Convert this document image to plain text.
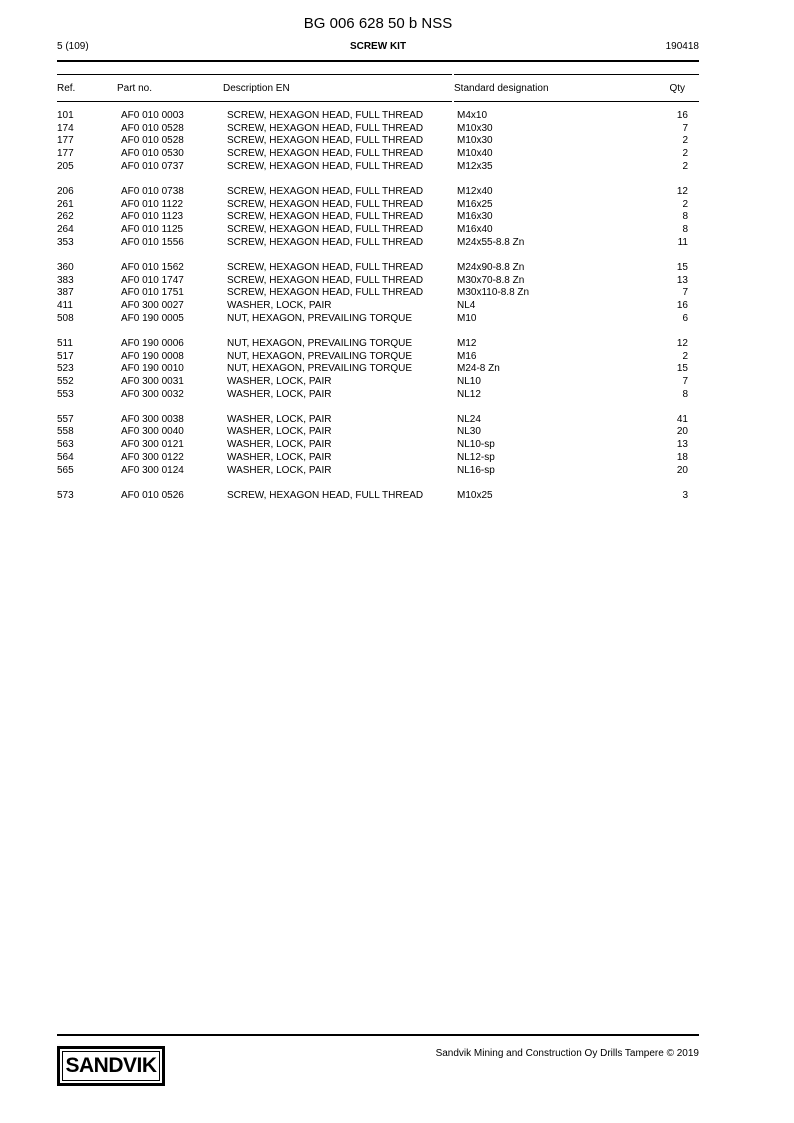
BG 006 628 50 b NSS
5 (109)	SCREW KIT	190418
Ref.	Part no.	Description EN	Standard designation	Qty
101	AF0 010 0003	SCREW, HEXAGON HEAD, FULL THREAD	M4x10	16
174	AF0 010 0528	SCREW, HEXAGON HEAD, FULL THREAD	M10x30	7
177	AF0 010 0528	SCREW, HEXAGON HEAD, FULL THREAD	M10x30	2
177	AF0 010 0530	SCREW, HEXAGON HEAD, FULL THREAD	M10x40	2
205	AF0 010 0737	SCREW, HEXAGON HEAD, FULL THREAD	M12x35	2
206	AF0 010 0738	SCREW, HEXAGON HEAD, FULL THREAD	M12x40	12
261	AF0 010 1122	SCREW, HEXAGON HEAD, FULL THREAD	M16x25	2
262	AF0 010 1123	SCREW, HEXAGON HEAD, FULL THREAD	M16x30	8
264	AF0 010 1125	SCREW, HEXAGON HEAD, FULL THREAD	M16x40	8
353	AF0 010 1556	SCREW, HEXAGON HEAD, FULL THREAD	M24x55-8.8 Zn	11
360	AF0 010 1562	SCREW, HEXAGON HEAD, FULL THREAD	M24x90-8.8 Zn	15
383	AF0 010 1747	SCREW, HEXAGON HEAD, FULL THREAD	M30x70-8.8 Zn	13
387	AF0 010 1751	SCREW, HEXAGON HEAD, FULL THREAD	M30x110-8.8 Zn	7
411	AF0 300 0027	WASHER, LOCK, PAIR	NL4	16
508	AF0 190 0005	NUT, HEXAGON, PREVAILING TORQUE	M10	6
511	AF0 190 0006	NUT, HEXAGON, PREVAILING TORQUE	M12	12
517	AF0 190 0008	NUT, HEXAGON, PREVAILING TORQUE	M16	2
523	AF0 190 0010	NUT, HEXAGON, PREVAILING TORQUE	M24-8 Zn	15
552	AF0 300 0031	WASHER, LOCK, PAIR	NL10	7
553	AF0 300 0032	WASHER, LOCK, PAIR	NL12	8
557	AF0 300 0038	WASHER, LOCK, PAIR	NL24	41
558	AF0 300 0040	WASHER, LOCK, PAIR	NL30	20
563	AF0 300 0121	WASHER, LOCK, PAIR	NL10-sp	13
564	AF0 300 0122	WASHER, LOCK, PAIR	NL12-sp	18
565	AF0 300 0124	WASHER, LOCK, PAIR	NL16-sp	20
573	AF0 010 0526	SCREW, HEXAGON HEAD, FULL THREAD	M10x25	3
SANDVIK
Sandvik Mining and Construction Oy Drills Tampere © 2019
